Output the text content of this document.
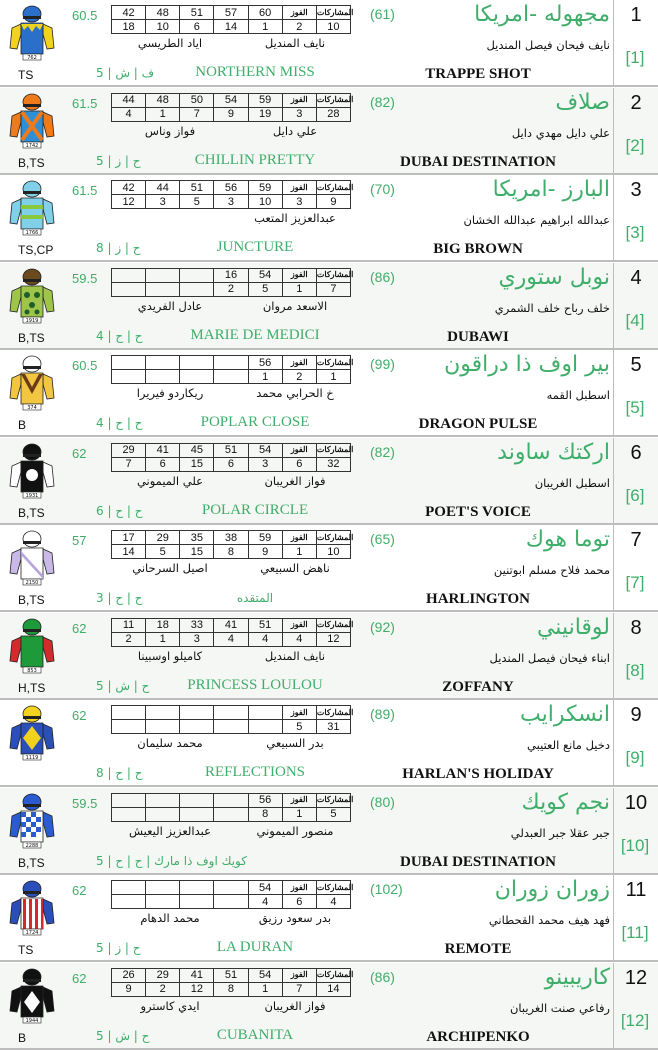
762
TS
60.5 42	48	51	57	60	الفوز	المشاركات
18	10	6	14	1	2	10
نايف المنديل
اياد الطريسي
(61)	مجهوله -امريكا
نايف فيحان فيصل المنديل
ف | ش | 5	NORTHERN MISS	TRAPPE SHOT
1
[1]
1742
B,TS
61.5 44	48	50	54	59	الفوز	المشاركات
4	1	7	9	19	3	28
علي دايل
فواز وناس
(82)	صلاف
علي دايل مهدي دايل
ح | ز | 5	CHILLIN PRETTY	DUBAI DESTINATION
2
[2]
1766
TS,CP
61.5 42	44	51	56	59	الفوز	المشاركات
12	3	5	3	10	3	9
عبدالعزيز المتعب
(70)	البارز -امريكا
عبدالله ابراهيم عبدالله الخشان
ح | ز | 8	JUNCTURE	BIG BROWN
3
[3]
1919
B,TS
59.5
				16	54	الفوز	المشاركات
			2	5	1	7
الاسعد مروان
عادل الفريدي
(86)	نوبل ستوري
خلف رباح خلف الشمري
ح | ح | 4	MARIE DE MEDICI	DUBAWI
4
[4]
374
B
60.5
					56	الفوز	المشاركات
				1	2	1
خ الحرابي محمد
ريكاردو فيريرا
(99)	بير اوف ذا دراقون
اسطبل القمه
ح | ح | 4	POPLAR CLOSE	DRAGON PULSE
5
[5]
1931
B,TS
62	29	41	45	51	54	الفوز	المشاركات
7	6	15	6	3	6	32
فواز الغريبان
علي الميموني
(82)	اركتك ساوند
اسطبل الغريبان
ح | ح | 6	POLAR CIRCLE	POET'S VOICE
6
[6]
2150
B,TS
57	17	29	35	38	59	الفوز	المشاركات
14	5	15	8	9	1	10
ناهض السبيعي
اصيل السرحاني
(65)	توما هوك
محمد فلاح مسلم ابوتنين
ح | ح | 3	المتقده	HARLINGTON
7
[7]
853
H,TS
62	11	18	33	41	51	الفوز	المشاركات
2	1	3	4	4	4	12
نايف المنديل
كاميلو اوسبينا
(92)	لوقانيني
ابناء فيحان فيصل المنديل
ح | ش | 5	PRINCESS LOULOU	ZOFFANY
8
[8]
1119
62
						الفوز	المشاركات
					5	31
بدر السبيعي
محمد سليمان
(89)	انسكرايب
دخيل مانع العتيبي
ح | ح | 8	REFLECTIONS	HARLAN'S HOLIDAY
9
[9]
2288
B,TS
59.5
					56	الفوز	المشاركات
				8	1	5
منصور الميموني
عبدالعزيز اليعيش
(80)	نجم كويك
جبر عقلا جبر العبدلي
كويك اوف ذا مارك | ح | ح | 5	DUBAI DESTINATION
10
[10]
1724
TS
62
					54	الفوز	المشاركات
				4	6	4
بدر سعود رزيق
محمد الدهام
(102)	زوران زوران
فهد هيف محمد القحطاني
ح | ز | 5	LA DURAN	REMOTE
11
[11]
1944
B
62	26	29	41	51	54	الفوز	المشاركات
9	2	12	8	1	7	14
فواز الغريبان
ايدي كاسترو
(86)	كاريبينو
رفاعي صنت الغريبان
ح | ش | 5	CUBANITA	ARCHIPENKO
12
[12]
